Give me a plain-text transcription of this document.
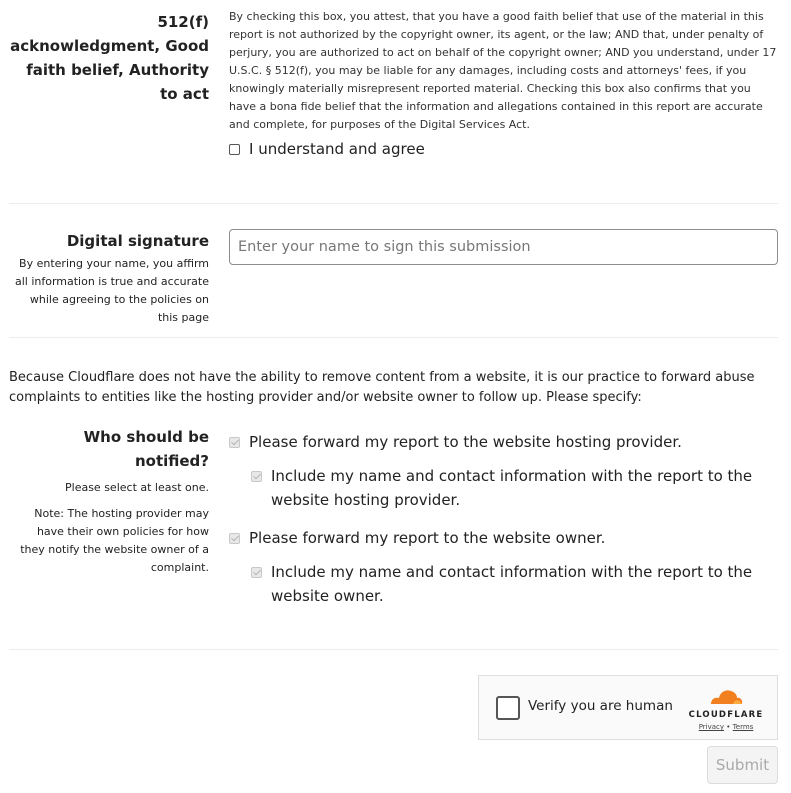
512(f) acknowledgment, Good faith belief, Authority to act
By checking this box, you attest, that you have a good faith belief that use of the material in this report is not authorized by the copyright owner, its agent, or the law; AND that, under penalty of perjury, you are authorized to act on behalf of the copyright owner; AND you understand, under 17 U.S.C. § 512(f), you may be liable for any damages, including costs and attorneys' fees, if you knowingly materially misrepresent reported material. Checking this box also confirms that you have a bona fide belief that the information and allegations contained in this report are accurate and complete, for purposes of the Digital Services Act.
I understand and agree
Digital signature
By entering your name, you affirm all information is true and accurate while agreeing to the policies on this page
Enter your name to sign this submission
Because Cloudflare does not have the ability to remove content from a website, it is our practice to forward abuse complaints to entities like the hosting provider and/or website owner to follow up. Please specify:
Who should be notified?
Please select at least one.
Note: The hosting provider may have their own policies for how they notify the website owner of a complaint.
Please forward my report to the website hosting provider.
Include my name and contact information with the report to the website hosting provider.
Please forward my report to the website owner.
Include my name and contact information with the report to the website owner.
Verify you are human
CLOUDFLARE
Privacy • Terms
Submit
